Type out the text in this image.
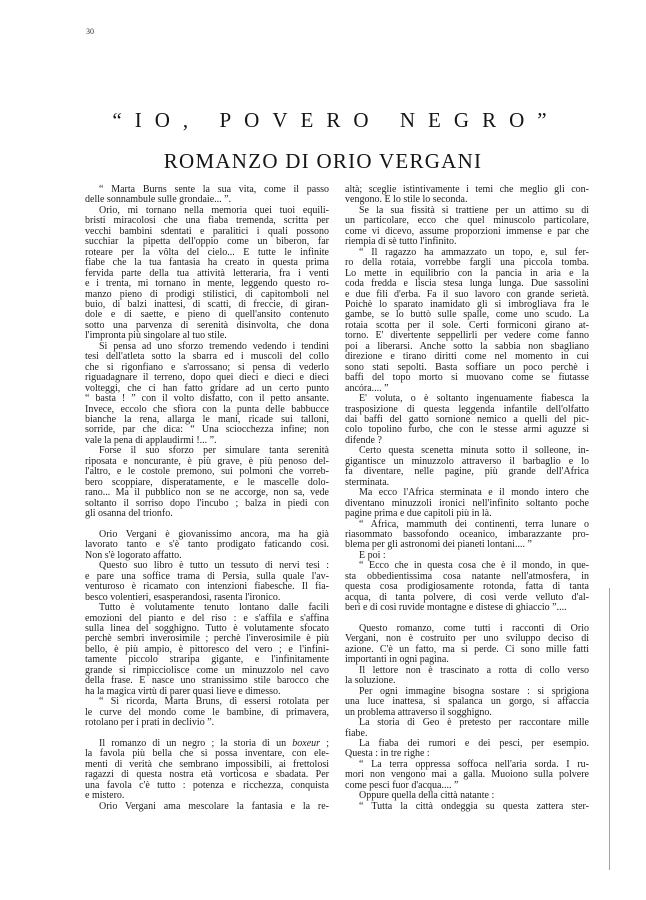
30
“IO, POVERO NEGRO”
ROMANZO DI ORIO VERGANI
“ Marta Burns sente la sua vita, come il passo
delle sonnambule sulle grondaie... ”.
Orio, mi tornano nella memoria quei tuoi equili-
bristi miracolosi che una fiaba tremenda, scritta per
vecchi bambini sdentati e paralitici i quali possono
succhiar la pipetta dell'oppio come un biberon, far
roteare per la vôlta del cielo... E tutte le infinite
fiabe che la tua fantasia ha creato in questa prima
fervida parte della tua attività letteraria, fra i venti
e i trenta, mi tornano in mente, leggendo questo ro-
manzo pieno di prodigi stilistici, di capitomboli nel
buio, di balzi inattesi, di scatti, di freccie, di giran-
dole e di saette, e pieno di quell'ansito contenuto
sotto una parvenza di serenità disinvolta, che dona
l'impronta più singolare al tuo stile.
Si pensa ad uno sforzo tremendo vedendo i tendini
tesi dell'atleta sotto la sbarra ed i muscoli del collo
che si rigonfiano e s'arrossano; si pensa di vederlo
riguadagnare il terreno, dopo quei dieci e dieci e dieci
volteggi, che ci han fatto gridare ad un certo punto
“ basta ! ” con il volto disfatto, con il petto ansante.
Invece, eccolo che sfiora con la punta delle babbucce
bianche la rena, allarga le mani, ricade sui talloni,
sorride, par che dica: “ Una sciocchezza infine; non
vale la pena di applaudirmi !... ”.
Forse il suo sforzo per simulare tanta serenità
riposata e noncurante, è più grave, è più penoso del-
l'altro, e le costole premono, sui polmoni che vorreb-
bero scoppiare, disperatamente, e le mascelle dolo-
rano... Ma il pubblico non se ne accorge, non sa, vede
soltanto il sorriso dopo l'incubo ; balza in piedi con
gli osanna del trionfo.
Orio Vergani è giovanissimo ancora, ma ha già
lavorato tanto e s'è tanto prodigato faticando così.
Non s'è logorato affatto.
Questo suo libro è tutto un tessuto di nervi tesi :
e pare una soffice trama di Persia, sulla quale l'av-
venturoso è ricamato con intenzioni fiabesche. Il fia-
besco volentieri, esasperandosi, rasenta l'ironico.
Tutto è volutamente tenuto lontano dalle facili
emozioni del pianto e del riso : e s'affila e s'affina
sulla linea del sogghigno. Tutto è volutamente sfocato
perchè sembri inverosimile ; perchè l'inverosimile è più
bello, è più ampio, è pittoresco del vero ; e l'infini-
tamente piccolo straripa gigante, e l'infinitamente
grande si rimpicciolisce come un minuzzolo nel cavo
della frase. E nasce uno stranissimo stile barocco che
ha la magica virtù di parer quasi lieve e dimesso.
“ Si ricorda, Marta Bruns, di essersi rotolata per
le curve del mondo come le bambine, di primavera,
rotolano per i prati in declivio ”.
Il romanzo di un negro ; la storia di un boxeur ;
la favola più bella che si possa inventare, con ele-
menti di verità che sembrano impossibili, ai frettolosi
ragazzi di questa nostra età vorticosa e sbadata. Per
una favola c'è tutto : potenza e ricchezza, conquista
e mistero.
Orio Vergani ama mescolare la fantasia e la re-
altà; sceglie istintivamente i temi che meglio gli con-
vengono. E lo stile lo seconda.
Se la sua fissità si trattiene per un attimo su di
un particolare, ecco che quel minuscolo particolare,
come vi dicevo, assume proporzioni immense e par che
riempia di sè tutto l'infinito.
“ Il ragazzo ha ammazzato un topo, e, sul fer-
ro della rotaia, vorrebbe fargli una piccola tomba.
Lo mette in equilibrio con la pancia in aria e la
coda fredda e liscia stesa lunga lunga. Due sassolini
e due fili d'erba. Fa il suo lavoro con grande serietà.
Poichè lo sparato inamidato gli si imbrogliava fra le
gambe, se lo buttò sulle spalle, come uno scudo. La
rotaia scotta per il sole. Certi formiconi girano at-
torno. E' divertente seppellirli per vedere come fanno
poi a liberarsi. Anche sotto la sabbia non sbagliano
direzione e tirano diritti come nel momento in cui
sono stati sepolti. Basta soffiare un poco perchè i
baffi del topo morto si muovano come se fiutasse
ancóra.... ”
E' voluta, o è soltanto ingenuamente fiabesca la
trasposizione di questa leggenda infantile dell'olfatto
dai baffi del gatto sornione nemico a quelli del pic-
colo topolino furbo, che con le stesse armi aguzze si
difende ?
Certo questa scenetta minuta sotto il solleone, in-
gigantisce un minuzzolo attraverso il barbaglio e lo
fa diventare, nelle pagine, più grande dell'Africa
sterminata.
Ma ecco l'Africa sterminata e il mondo intero che
diventano minuzzoli ironici nell'infinito soltanto poche
pagine prima e due capitoli più in là.
“ Africa, mammuth dei continenti, terra lunare o
riasommato bassofondo oceanico, imbarazzante pro-
blema per gli astronomi dei pianeti lontani.... ”
E poi :
“ Ecco che in questa cosa che è il mondo, in que-
sta obbedientissima cosa natante nell'atmosfera, in
questa cosa prodigiosamente rotonda, fatta di tanta
acqua, di tanta polvere, di così verde velluto d'al-
beri e di così ruvide montagne e distese di ghiaccio ”....
Questo romanzo, come tutti i racconti di Orio
Vergani, non è costruito per uno sviluppo deciso di
azione. C'è un fatto, ma si perde. Ci sono mille fatti
importanti in ogni pagina.
Il lettore non è trascinato a rotta di collo verso
la soluzione.
Per ogni immagine bisogna sostare : si sprigiona
una luce inattesa, si spalanca un gorgo, si affaccia
un problema attraverso il sogghigno.
La storia di Geo è pretesto per raccontare mille
fiabe.
La fiaba dei rumori e dei pesci, per esempio.
Questa : in tre righe :
“ La terra oppressa soffoca nell'aria sorda. I ru-
mori non vengono mai a galla. Muoiono sulla polvere
come pesci fuor d'acqua.... ”
Oppure quella della città natante :
“ Tutta la città ondeggia su questa zattera ster-
